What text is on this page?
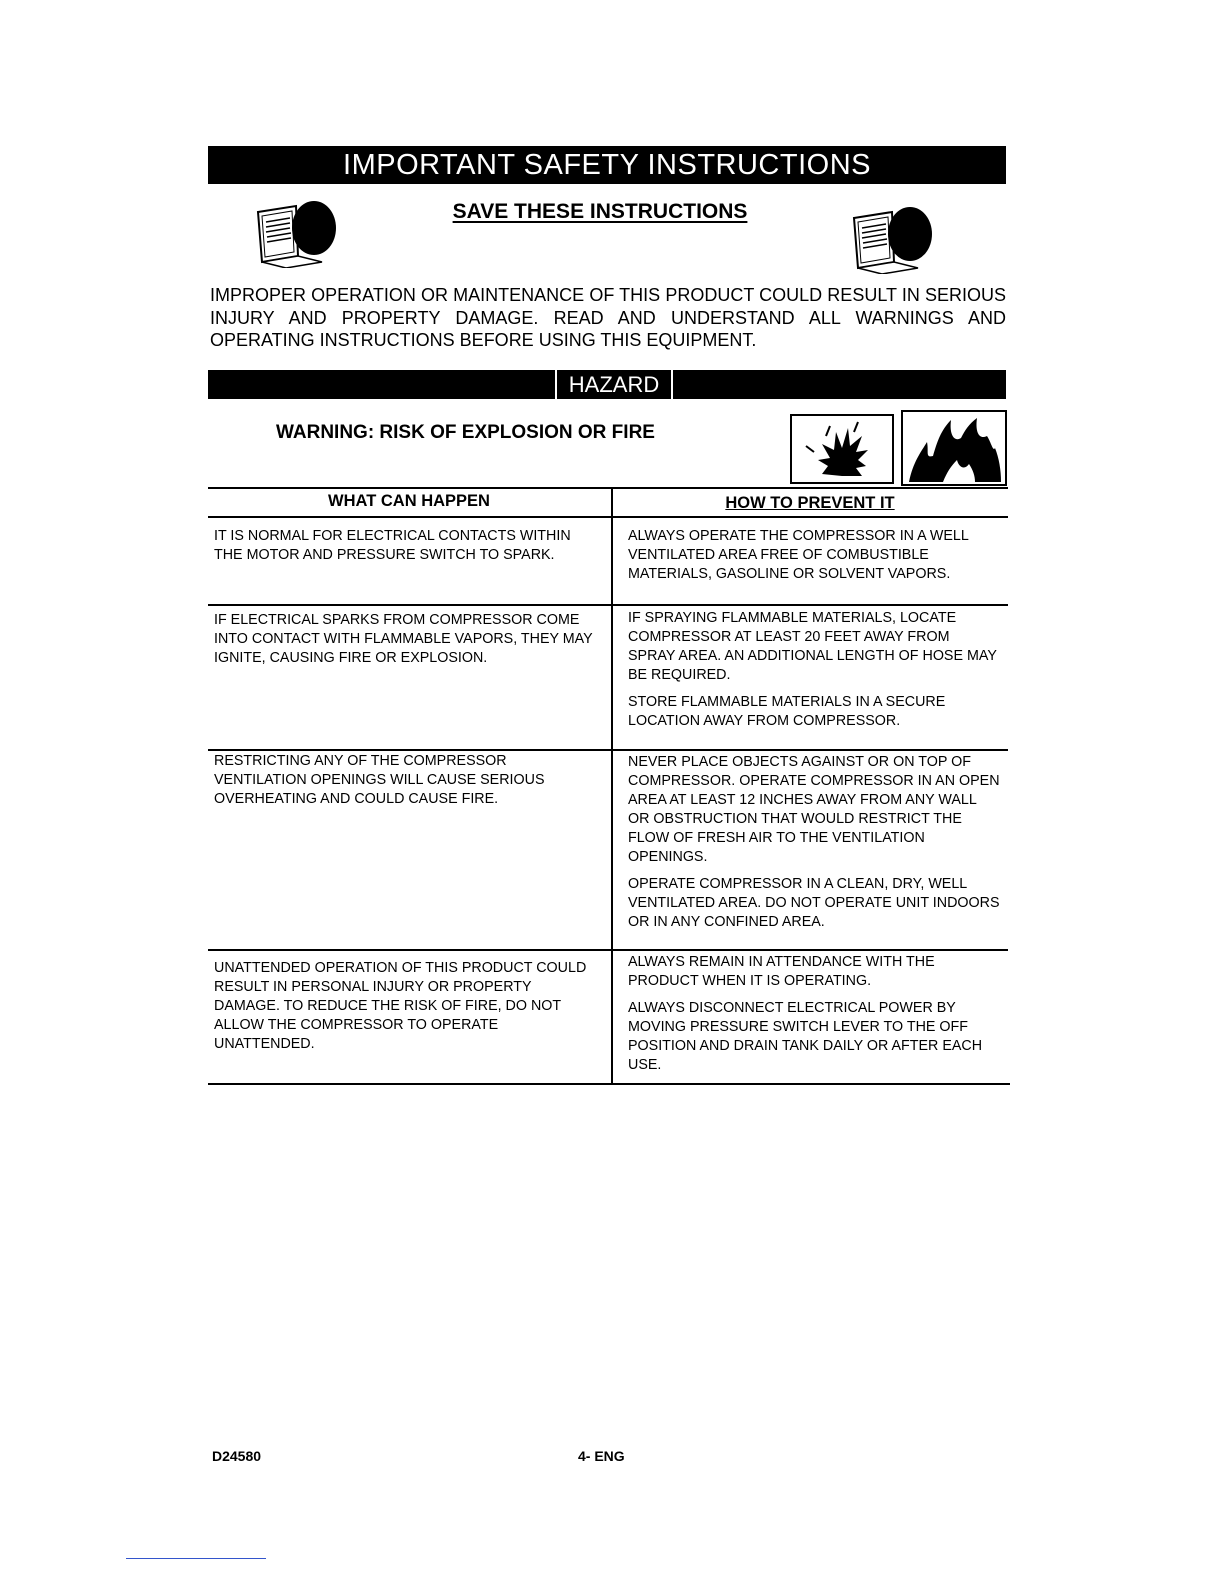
IMPORTANT SAFETY INSTRUCTIONS
SAVE THESE INSTRUCTIONS
IMPROPER OPERATION OR MAINTENANCE OF THIS PRODUCT COULD RESULT IN SERIOUS INJURY AND PROPERTY DAMAGE. READ AND UNDERSTAND ALL WARNINGS AND OPERATING INSTRUCTIONS BEFORE USING THIS EQUIPMENT.
HAZARD
WARNING: RISK OF EXPLOSION OR FIRE
WHAT CAN HAPPEN	HOW TO PREVENT IT

IT IS NORMAL FOR ELECTRICAL CONTACTS WITHIN THE MOTOR AND PRESSURE SWITCH TO SPARK.

ALWAYS OPERATE THE COMPRESSOR IN A WELL VENTILATED AREA FREE OF COMBUSTIBLE MATERIALS, GASOLINE OR SOLVENT VAPORS.

IF ELECTRICAL SPARKS FROM COMPRESSOR COME INTO CONTACT WITH FLAMMABLE VAPORS, THEY MAY IGNITE, CAUSING FIRE OR EXPLOSION.

IF SPRAYING FLAMMABLE MATERIALS, LOCATE COMPRESSOR AT LEAST 20 FEET AWAY FROM SPRAY AREA. AN ADDITIONAL LENGTH OF HOSE MAY BE REQUIRED.

STORE FLAMMABLE MATERIALS IN A SECURE LOCATION AWAY FROM COMPRESSOR.

RESTRICTING ANY OF THE COMPRESSOR VENTILATION OPENINGS WILL CAUSE SERIOUS OVERHEATING AND COULD CAUSE FIRE.

NEVER PLACE OBJECTS AGAINST OR ON TOP OF COMPRESSOR. OPERATE COMPRESSOR IN AN OPEN AREA AT LEAST 12 INCHES AWAY FROM ANY WALL OR OBSTRUCTION THAT WOULD RESTRICT THE FLOW OF FRESH AIR TO THE VENTILATION OPENINGS.

OPERATE COMPRESSOR IN A CLEAN, DRY, WELL VENTILATED AREA. DO NOT OPERATE UNIT INDOORS OR IN ANY CONFINED AREA.

UNATTENDED OPERATION OF THIS PRODUCT COULD RESULT IN PERSONAL INJURY OR PROPERTY DAMAGE. TO REDUCE THE RISK OF FIRE, DO NOT ALLOW THE COMPRESSOR TO OPERATE UNATTENDED.

ALWAYS REMAIN IN ATTENDANCE WITH THE PRODUCT WHEN IT IS OPERATING.

ALWAYS DISCONNECT ELECTRICAL POWER BY MOVING PRESSURE SWITCH LEVER TO THE OFF POSITION AND DRAIN TANK DAILY OR AFTER EACH USE.

D24580	4- ENG
